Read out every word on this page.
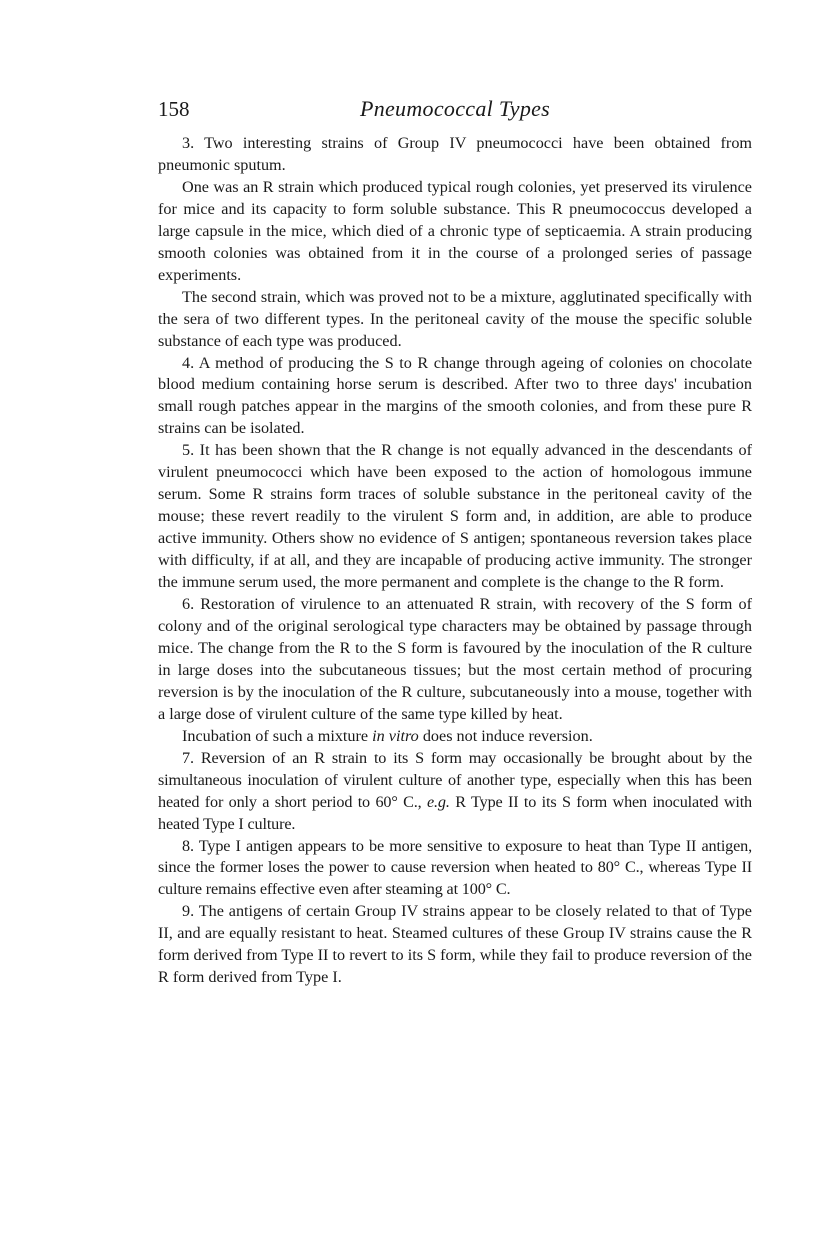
158	Pneumococcal Types

3. Two interesting strains of Group IV pneumococci have been obtained from pneumonic sputum.

One was an R strain which produced typical rough colonies, yet preserved its virulence for mice and its capacity to form soluble substance. This R pneumococcus developed a large capsule in the mice, which died of a chronic type of septicaemia. A strain producing smooth colonies was obtained from it in the course of a prolonged series of passage experiments.

The second strain, which was proved not to be a mixture, agglutinated specifically with the sera of two different types. In the peritoneal cavity of the mouse the specific soluble substance of each type was produced.

4. A method of producing the S to R change through ageing of colonies on chocolate blood medium containing horse serum is described. After two to three days' incubation small rough patches appear in the margins of the smooth colonies, and from these pure R strains can be isolated.

5. It has been shown that the R change is not equally advanced in the descendants of virulent pneumococci which have been exposed to the action of homologous immune serum. Some R strains form traces of soluble substance in the peritoneal cavity of the mouse; these revert readily to the virulent S form and, in addition, are able to produce active immunity. Others show no evidence of S antigen; spontaneous reversion takes place with difficulty, if at all, and they are incapable of producing active immunity. The stronger the immune serum used, the more permanent and complete is the change to the R form.

6. Restoration of virulence to an attenuated R strain, with recovery of the S form of colony and of the original serological type characters may be obtained by passage through mice. The change from the R to the S form is favoured by the inoculation of the R culture in large doses into the subcutaneous tissues; but the most certain method of procuring reversion is by the inoculation of the R culture, subcutaneously into a mouse, together with a large dose of virulent culture of the same type killed by heat.

Incubation of such a mixture in vitro does not induce reversion.

7. Reversion of an R strain to its S form may occasionally be brought about by the simultaneous inoculation of virulent culture of another type, especially when this has been heated for only a short period to 60° C., e.g. R Type II to its S form when inoculated with heated Type I culture.

8. Type I antigen appears to be more sensitive to exposure to heat than Type II antigen, since the former loses the power to cause reversion when heated to 80° C., whereas Type II culture remains effective even after steaming at 100° C.

9. The antigens of certain Group IV strains appear to be closely related to that of Type II, and are equally resistant to heat. Steamed cultures of these Group IV strains cause the R form derived from Type II to revert to its S form, while they fail to produce reversion of the R form derived from Type I.
